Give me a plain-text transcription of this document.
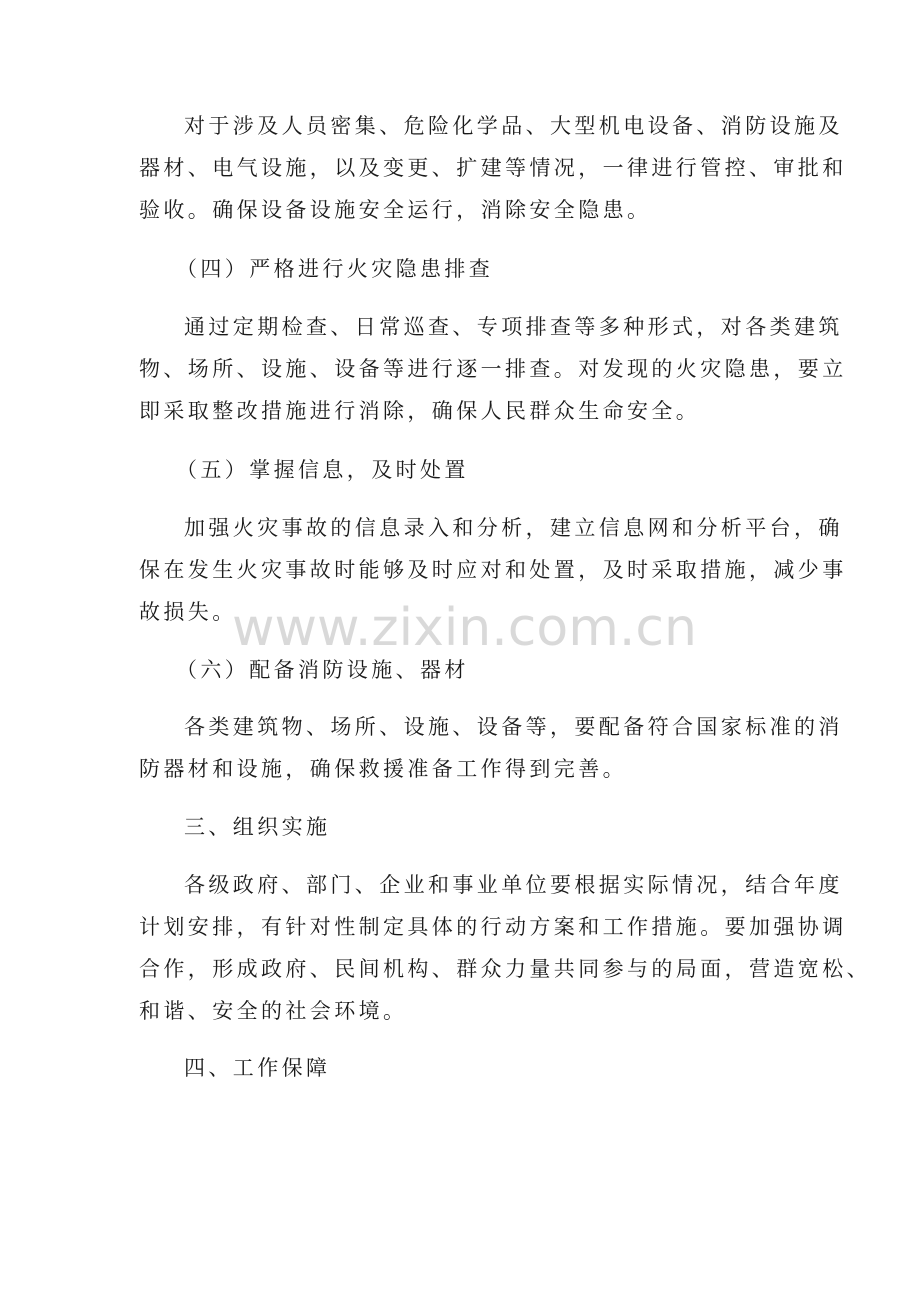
对于涉及人员密集、危险化学品、大型机电设备、消防设施及
器材、电气设施，以及变更、扩建等情况，一律进行管控、审批和
验收。确保设备设施安全运行，消除安全隐患。
（四）严格进行火灾隐患排查
通过定期检查、日常巡查、专项排查等多种形式，对各类建筑
物、场所、设施、设备等进行逐一排查。对发现的火灾隐患，要立
即采取整改措施进行消除，确保人民群众生命安全。
（五）掌握信息，及时处置
加强火灾事故的信息录入和分析，建立信息网和分析平台，确
保在发生火灾事故时能够及时应对和处置，及时采取措施，减少事
故损失。
（六）配备消防设施、器材
各类建筑物、场所、设施、设备等，要配备符合国家标准的消
防器材和设施，确保救援准备工作得到完善。
三、组织实施
各级政府、部门、企业和事业单位要根据实际情况，结合年度
计划安排，有针对性制定具体的行动方案和工作措施。要加强协调
合作，形成政府、民间机构、群众力量共同参与的局面，营造宽松、
和谐、安全的社会环境。
四、工作保障
www.zixin.com.cn
